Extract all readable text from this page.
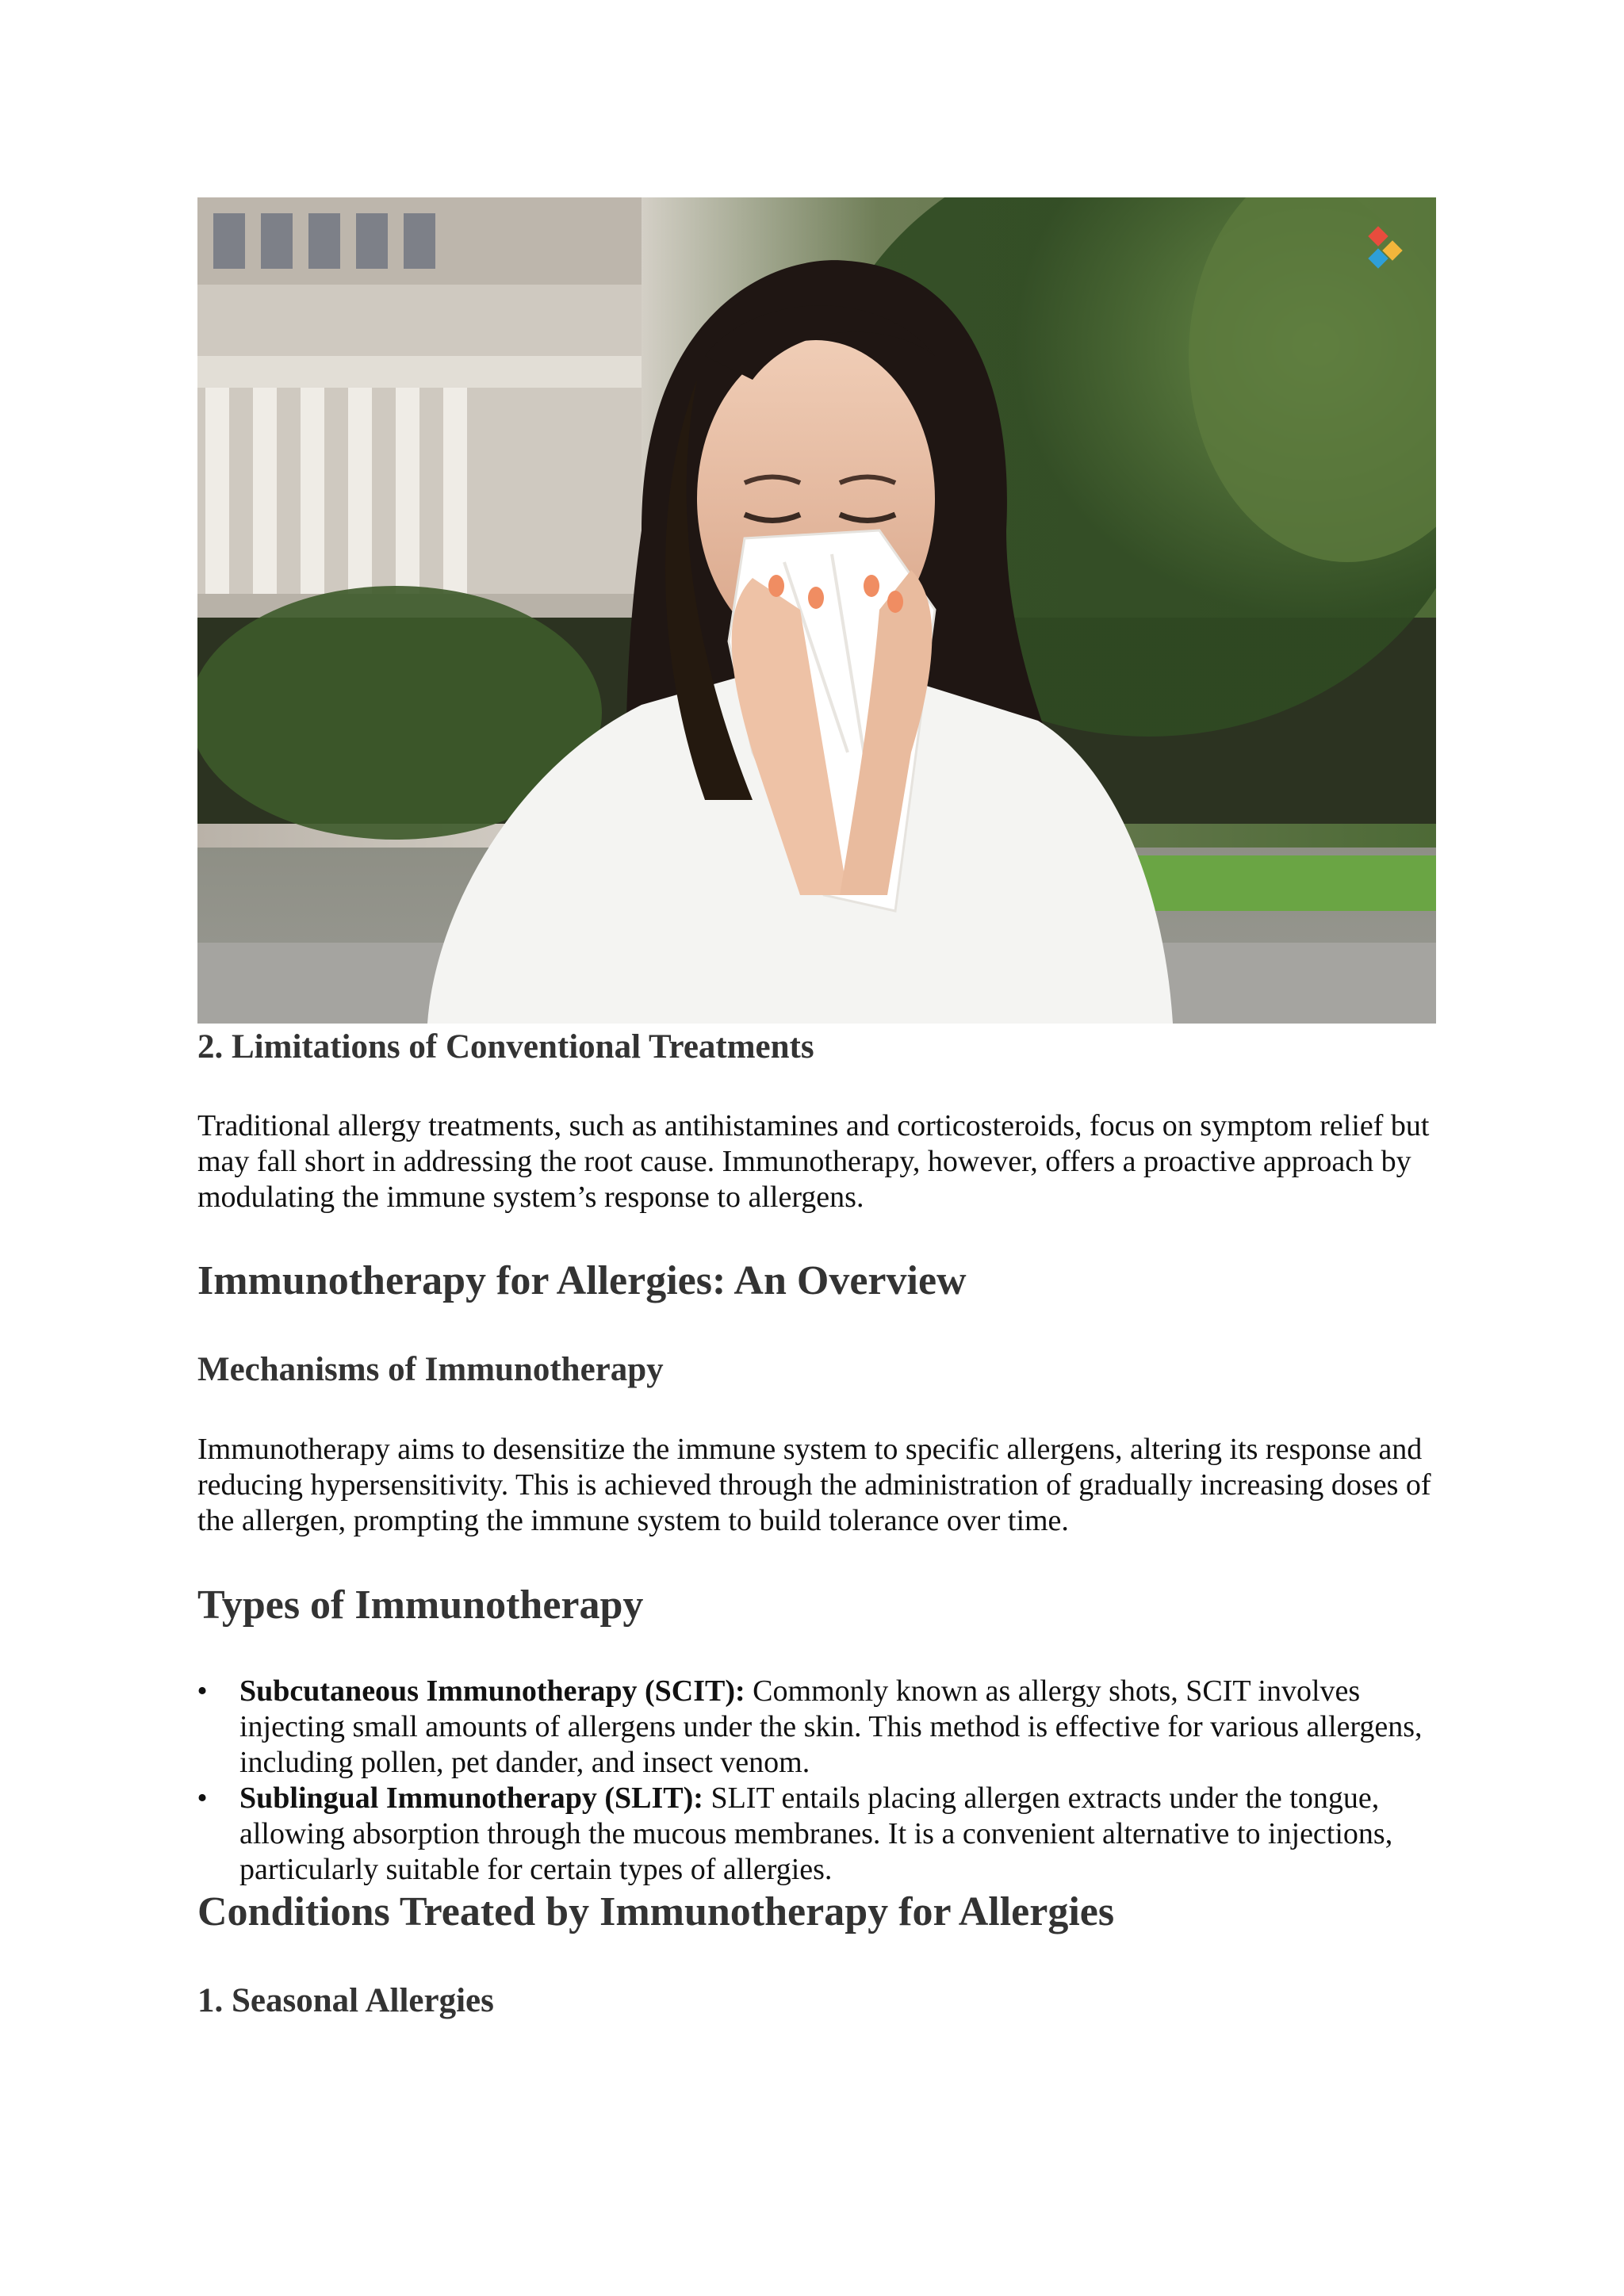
2. Limitations of Conventional Treatments

Traditional allergy treatments, such as antihistamines and corticosteroids, focus on symptom relief but may fall short in addressing the root cause. Immunotherapy, however, offers a proactive approach by modulating the immune system’s response to allergens.

Immunotherapy for Allergies: An Overview
Mechanisms of Immunotherapy

Immunotherapy aims to desensitize the immune system to specific allergens, altering its response and reducing hypersensitivity. This is achieved through the administration of gradually increasing doses of the allergen, prompting the immune system to build tolerance over time.

Types of Immunotherapy
• Subcutaneous Immunotherapy (SCIT): Commonly known as allergy shots, SCIT involves injecting small amounts of allergens under the skin. This method is effective for various allergens, including pollen, pet dander, and insect venom.
• Sublingual Immunotherapy (SLIT): SLIT entails placing allergen extracts under the tongue, allowing absorption through the mucous membranes. It is a convenient alternative to injections, particularly suitable for certain types of allergies.
Conditions Treated by Immunotherapy for Allergies
1. Seasonal Allergies
